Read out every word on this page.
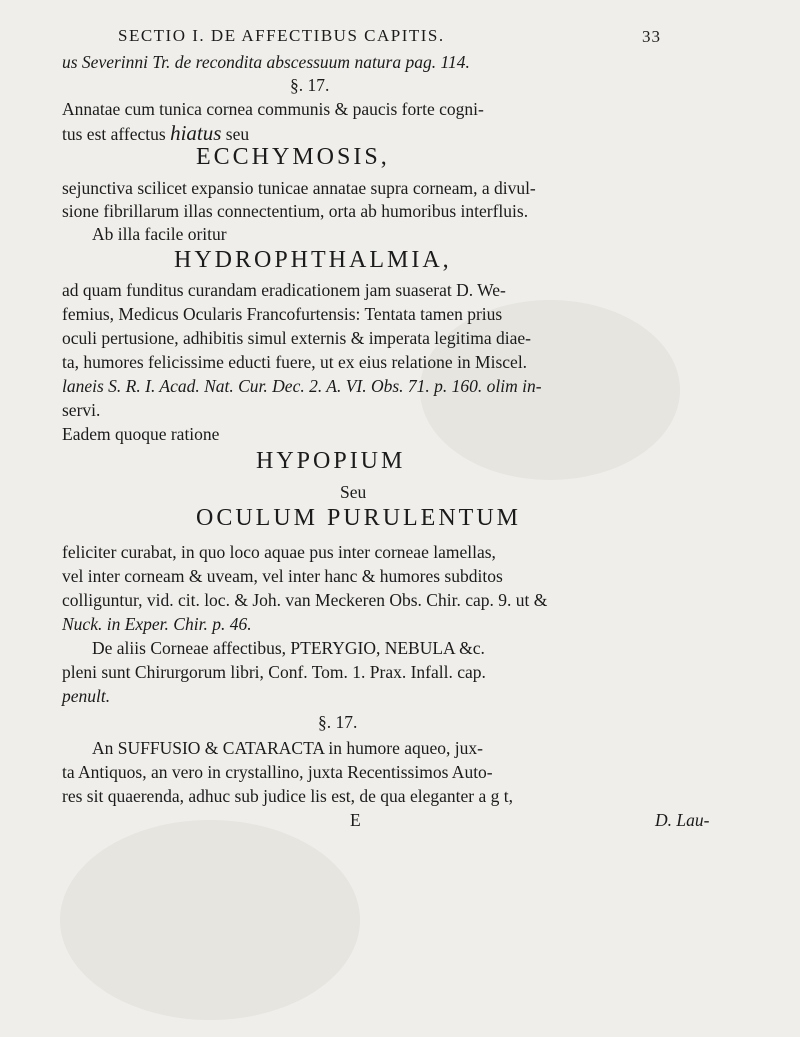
SECTIO I. DE AFFECTIBUS CAPITIS.	33
us Severinni Tr. de recondita abscessuum natura pag. 114.
§. 17.
Annatae cum tunica cornea communis & paucis forte cogni-
tus est affectus hiatus seu
ECCHYMOSIS,
sejunctiva scilicet expansio tunicae annatae supra corneam, a divul-
sione fibrillarum illas connectentium, orta ab humoribus interfluis.
Ab illa facile oritur
HYDROPHTHALMIA,
ad quam funditus curandam eradicationem jam suaserat D. We-
femius, Medicus Ocularis Francofurtensis: Tentata tamen prius
oculi pertusione, adhibitis simul externis & imperata legitima diae-
ta, humores felicissime educti fuere, ut ex eius relatione in Miscel.
laneis S. R. I. Acad. Nat. Cur. Dec. 2. A. VI. Obs. 71. p. 160. olim in-
servi.
Eadem quoque ratione
HYPOPIUM
Seu
OCULUM PURULENTUM
feliciter curabat, in quo loco aquae pus inter corneae lamellas,
vel inter corneam & uveam, vel inter hanc & humores subditos
colliguntur, vid. cit. loc. & Joh. van Meckeren Obs. Chir. cap. 9. ut &
Nuck. in Exper. Chir. p. 46.
De aliis Corneae affectibus, PTERYGIO, NEBULA &c.
pleni sunt Chirurgorum libri, Conf. Tom. 1. Prax. Infall. cap.
penult.
§. 17.
An SUFFUSIO & CATARACTA in humore aqueo, jux-
ta Antiquos, an vero in crystallino, juxta Recentissimos Auto-
res sit quaerenda, adhuc sub judice lis est, de qua eleganter a g t,
E	D. Lau-
